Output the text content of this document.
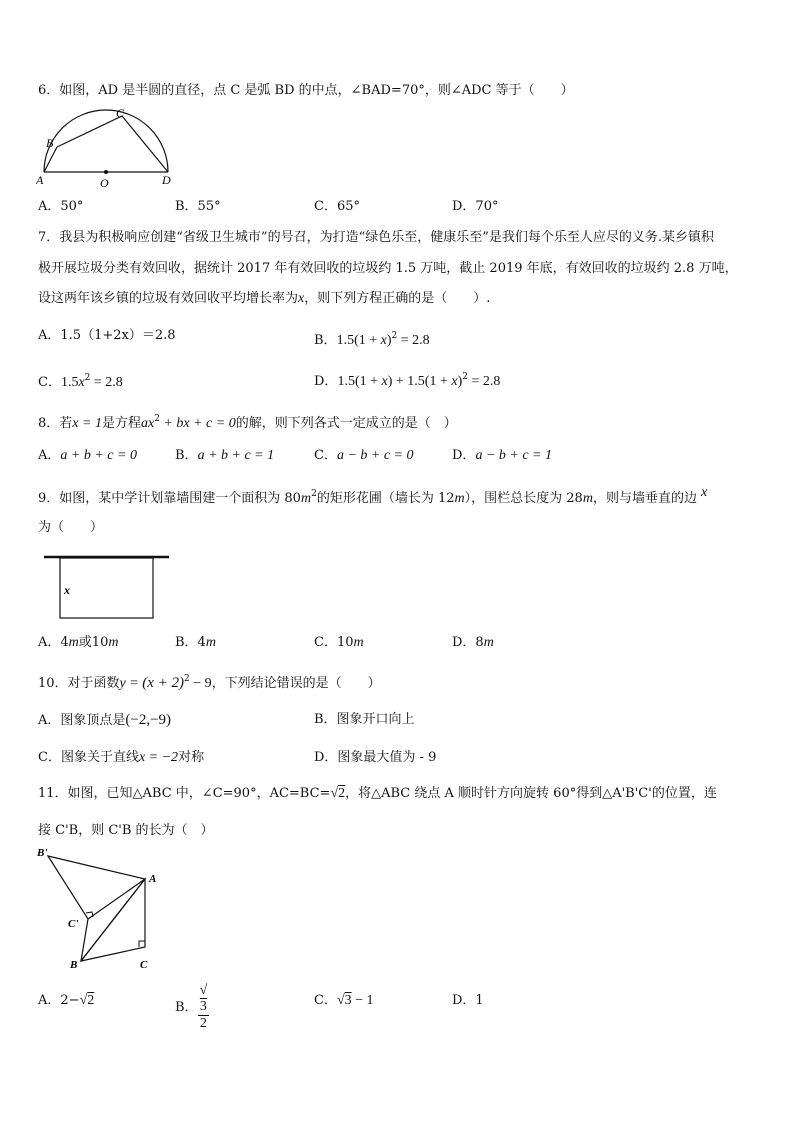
6．如图，AD 是半圆的直径，点 C 是弧 BD 的中点，∠BAD=70°，则∠ADC 等于（　　）
A
B
C
D
O
A．50°	B．55°	C．65°	D．70°
7．我县为积极响应创建“省级卫生城市”的号召，为打造“绿色乐至，健康乐至”是我们每个乐至人应尽的义务.某乡镇积
极开展垃圾分类有效回收，据统计 2017 年有效回收的垃圾约 1.5 万吨，截止 2019 年底，有效回收的垃圾约 2.8 万吨，
设这两年该乡镇的垃圾有效回收平均增长率为x，则下列方程正确的是（　　）.
A．1.5（1+2x）＝2.8	B．$1.5(1 + x)^2 = 2.8$
C．$1.5x^2 = 2.8$	D．$1.5(1 + x) + 1.5(1 + x)^2 = 2.8$
8．若x = 1是方程$ax^2$ + bx + c = 0的解，则下列各式一定成立的是（　）
A．a + b + c = 0	B．a + b + c = 1	C．a − b + c = 0	D．a − b + c = 1
9．如图，某中学计划靠墙围建一个面积为 $80m^2$的矩形花圃（墙长为 12m），围栏总长度为 28m，则与墙垂直的边 x
为（　　）
x
A．4m或10m	B．4m	C．10m	D．8m
10．对于函数$y = (x + 2)^2 - 9$，下列结论错误的是（　　）
A．图象顶点是(−2,−9)	B．图象开口向上
C．图象关于直线x = −2对称	D．图象最大值为 - 9
11．如图，已知△ABC 中，∠C=90°，AC=BC=√2，将△ABC 绕点 A 顺时针方向旋转 60°得到△A'B'C'的位置，连
接 C'B，则 C'B 的长为（　）
B'
A
C'
B	C
A．2−√2	B． √
3
2	C．√3 − 1	D．1
